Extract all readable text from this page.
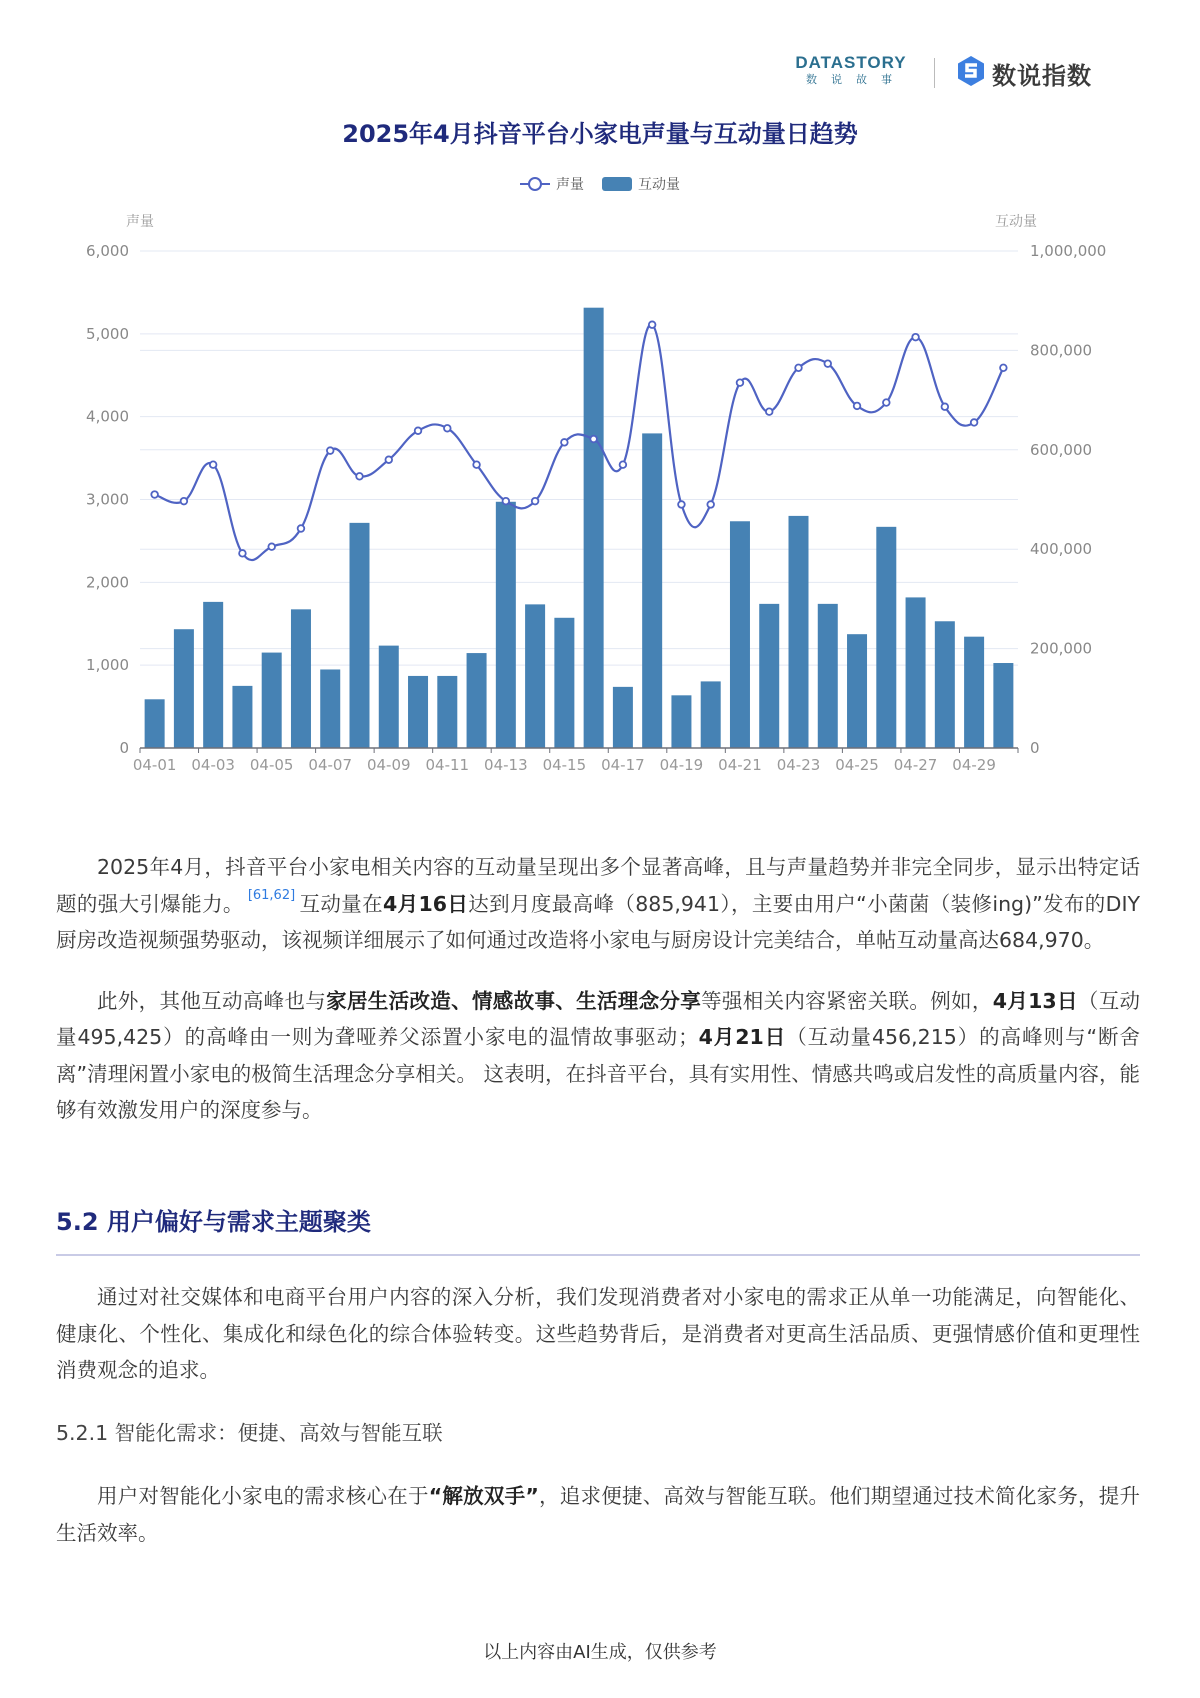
DATASTORY
数说故事	数说指数
2025年4月抖音平台小家电声量与互动量日趋势
声量	互动量
声量	互动量
0
1,000
2,000
3,000
4,000
5,000
6,000
0
200,000
400,000
600,000
800,000
1,000,000
04-01 04-03 04-05 04-07 04-09 04-11 04-13 04-15 04-17 04-19 04-21 04-23 04-25 04-27 04-29

2025年4月，抖音平台小家电相关内容的互动量呈现出多个显著高峰，且与声量趋势并非完全同步，显示出特定话题的强大引爆能力。 [61,62] 互动量在4月16日达到月度最高峰（885,941），主要由用户“小菌菌（装修ing)”发布的DIY厨房改造视频强势驱动，该视频详细展示了如何通过改造将小家电与厨房设计完美结合，单帖互动量高达684,970。

此外，其他互动高峰也与家居生活改造、情感故事、生活理念分享等强相关内容紧密关联。例如，4月13日（互动量495,425）的高峰由一则为聋哑养父添置小家电的温情故事驱动；4月21日（互动量456,215）的高峰则与“断舍离”清理闲置小家电的极简生活理念分享相关。 这表明，在抖音平台，具有实用性、情感共鸣或启发性的高质量内容，能够有效激发用户的深度参与。

5.2 用户偏好与需求主题聚类

通过对社交媒体和电商平台用户内容的深入分析，我们发现消费者对小家电的需求正从单一功能满足，向智能化、健康化、个性化、集成化和绿色化的综合体验转变。这些趋势背后，是消费者对更高生活品质、更强情感价值和更理性消费观念的追求。

5.2.1 智能化需求：便捷、高效与智能互联

用户对智能化小家电的需求核心在于“解放双手”，追求便捷、高效与智能互联。他们期望通过技术简化家务，提升生活效率。

以上内容由AI生成，仅供参考
